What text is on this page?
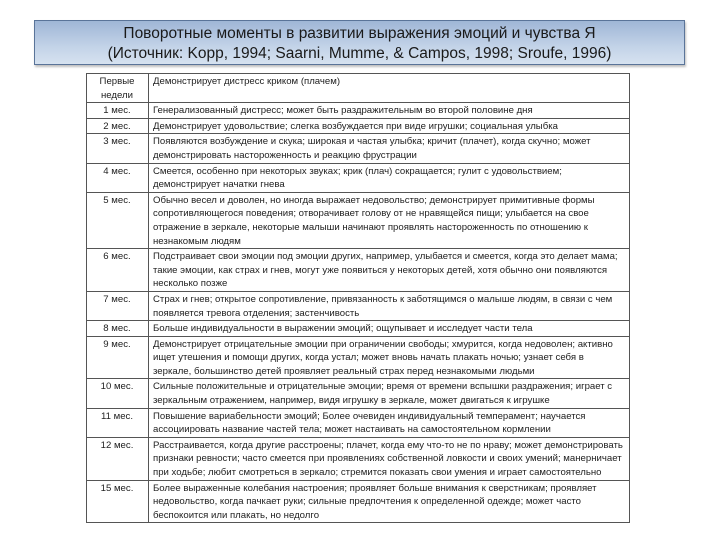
Поворотные моменты в развитии выражения эмоций и чувства Я
(Источник: Kopp, 1994; Saarni, Mumme, & Campos, 1998; Sroufe, 1996)
Первые недели	Демонстрирует дистресс криком (плачем)
1 мес.	Генерализованный дистресс; может быть раздражительным во второй половине дня
2 мес.	Демонстрирует удовольствие; слегка возбуждается при виде игрушки; социальная улыбка
3 мес.	Появляются возбуждение и скука; широкая и частая улыбка; кричит (плачет), когда скучно; может демонстрировать настороженность и реакцию фрустрации
4 мес.	Смеется, особенно при некоторых звуках; крик (плач) сокращается; гулит с удовольствием; демонстрирует начатки гнева
5 мес.	Обычно весел и доволен, но иногда выражает недовольство; демонстрирует примитивные формы сопротивляющегося поведения; отворачивает голову от не нравящейся пищи; улыбается на свое отражение в зеркале, некоторые малыши начинают проявлять настороженность по отношению к незнакомым людям
6 мес.	Подстраивает свои эмоции под эмоции других, например, улыбается и смеется, когда это делает мама; такие эмоции, как страх и гнев, могут уже появиться у некоторых детей, хотя обычно они появляются несколько позже
7 мес.	Страх и гнев; открытое сопротивление, привязанность к заботящимся о малыше людям, в связи с чем появляется тревога отделения; застенчивость
8 мес.	Больше индивидуальности в выражении эмоций; ощупывает и исследует части тела
9 мес.	Демонстрирует отрицательные эмоции при ограничении свободы; хмурится, когда недоволен; активно ищет утешения и помощи других, когда устал; может вновь начать плакать ночью; узнает себя в зеркале, большинство детей проявляет реальный страх перед незнакомыми людьми
10 мес.	Сильные положительные и отрицательные эмоции; время от времени вспышки раздражения; играет с зеркальным отражением, например, видя игрушку в зеркале, может двигаться к игрушке
11 мес.	Повышение вариабельности эмоций; Более очевиден индивидуальный темперамент; научается ассоциировать название частей тела; может настаивать на самостоятельном кормлении
12 мес.	Расстраивается, когда другие расстроены; плачет, когда ему что-то не по нраву; может демонстрировать признаки ревности; часто смеется при проявлениях собственной ловкости и своих умений; манерничает при ходьбе; любит смотреться в зеркало; стремится показать свои умения и играет самостоятельно
15 мес.	Более выраженные колебания настроения; проявляет больше внимания к сверстникам; проявляет недовольство, когда пачкает руки; сильные предпочтения к определенной одежде; может часто беспокоится или плакать, но недолго
